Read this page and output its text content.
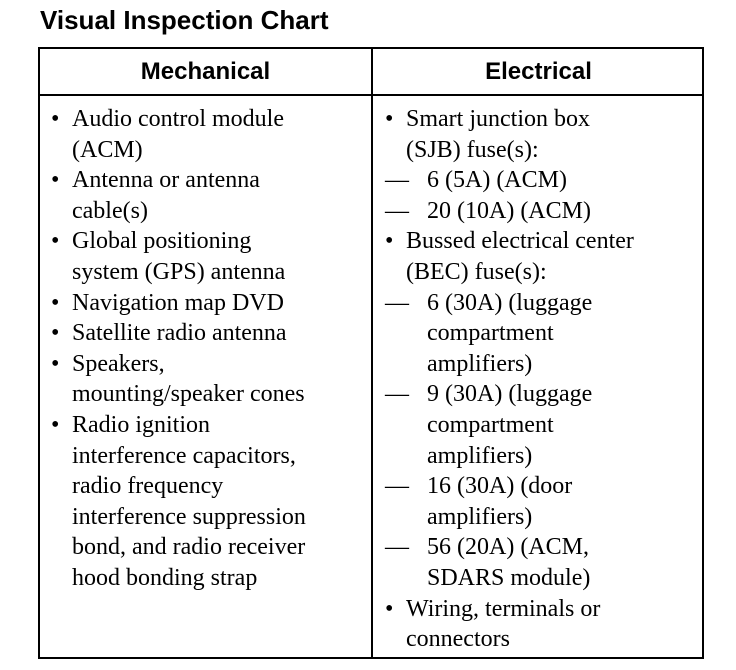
Visual Inspection Chart
Mechanical	Electrical
• Audio control module
(ACM)
• Antenna or antenna
cable(s)
• Global positioning
system (GPS) antenna
• Navigation map DVD
• Satellite radio antenna
• Speakers,
mounting/speaker cones
• Radio ignition
interference capacitors,
radio frequency
interference suppression
bond, and radio receiver
hood bonding strap
• Smart junction box
(SJB) fuse(s):
— 6 (5A) (ACM)
— 20 (10A) (ACM)
• Bussed electrical center
(BEC) fuse(s):
— 6 (30A) (luggage
compartment
amplifiers)
— 9 (30A) (luggage
compartment
amplifiers)
— 16 (30A) (door
amplifiers)
— 56 (20A) (ACM,
SDARS module)
• Wiring, terminals or
connectors
